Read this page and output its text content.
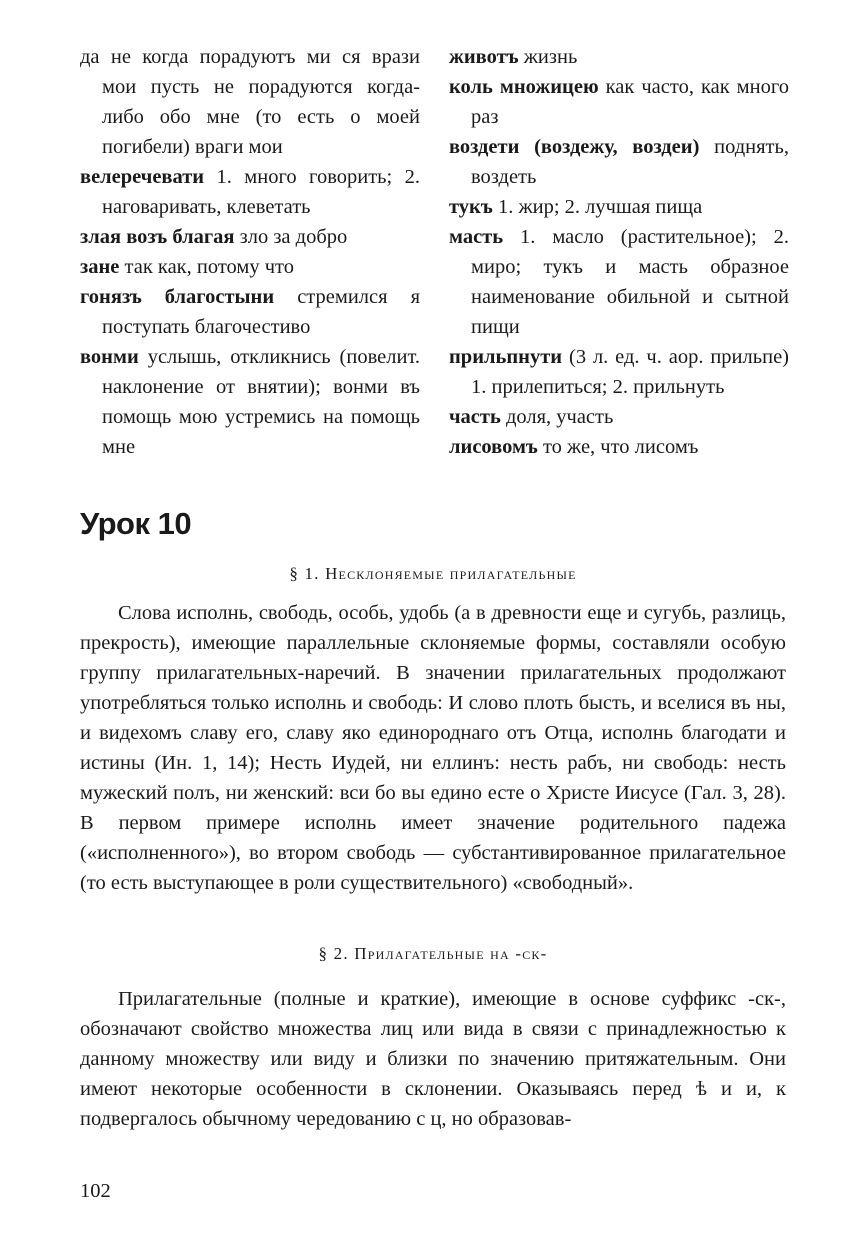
да не когда порадуютъ ми ся врази мои пусть не порадуются когда-либо обо мне (то есть о моей погибели) враги мои
велеречевати 1. много говорить; 2. наговаривать, клеветать
злая возъ благая зло за добро
зане так как, потому что
гонязъ благостыни стремился я поступать благочестиво
вонми услышь, откликнись (повелит. наклонение от внятии); вонми въ помощь мою устремись на помощь мне
животъ жизнь
коль множицею как часто, как много раз
воздети (воздежу, воздеи) поднять, воздеть
тукъ 1. жир; 2. лучшая пища
масть 1. масло (растительное); 2. миро; тукъ и масть образное наименование обильной и сытной пищи
прильпнути (3 л. ед. ч. аор. прильпе) 1. прилепиться; 2. прильнуть
часть доля, участь
лисовомъ то же, что лисомъ
Урок 10
§ 1. Несклоняемые прилагательные

Слова исполнь, свободь, особь, удобь (а в древности еще и сугубь, разлиць, прекрость), имеющие параллельные склоняемые формы, составляли особую группу прилагательных-наречий. В значении прилагательных продолжают употребляться только исполнь и свободь: И слово плоть бысть, и вселися въ ны, и видехомъ славу его, славу яко единороднаго отъ Отца, исполнь благодати и истины (Ин. 1, 14); Несть Иудей, ни еллинъ: несть рабъ, ни свободь: несть мужеский полъ, ни женский: вси бо вы едино есте о Христе Иисусе (Гал. 3, 28). В первом примере исполнь имеет значение родительного падежа («исполненного»), во втором свободь — субстантивированное прилагательное (то есть выступающее в роли существительного) «свободный».

§ 2. Прилагательные на -ск-

Прилагательные (полные и краткие), имеющие в основе суффикс -ск-, обозначают свойство множества лиц или вида в связи с принадлежностью к данному множеству или виду и близки по значению притяжательным. Они имеют некоторые особенности в склонении. Оказываясь перед ѣ и и, к подвергалось обычному чередованию с ц, но образовав-

102
